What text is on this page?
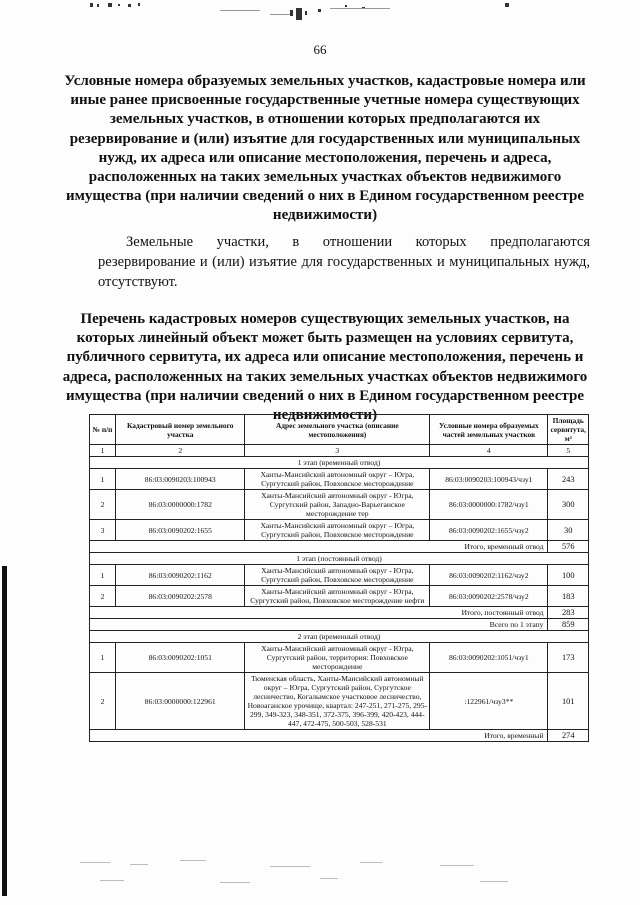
66

Условные номера образуемых земельных участков, кадастровые номера или иные ранее присвоенные государственные учетные номера существующих земельных участков, в отношении которых предполагаются их резервирование и (или) изъятие для государственных или муниципальных нужд, их адреса или описание местоположения, перечень и адреса, расположенных на таких земельных участках объектов недвижимого имущества (при наличии сведений о них в Едином государственном реестре недвижимости)

Земельные участки, в отношении которых предполагаются резервирование и (или) изъятие для государственных и муниципальных нужд, отсутствуют.

Перечень кадастровых номеров существующих земельных участков, на которых линейный объект может быть размещен на условиях сервитута, публичного сервитута, их адреса или описание местоположения, перечень и адреса, расположенных на таких земельных участках объектов недвижимого имущества (при наличии сведений о них в Едином государственном реестре недвижимости)

№ п/п	Кадастровый номер земельного участка	Адрес земельного участка (описание местоположения)	Условные номера образуемых частей земельных участков	Площадь сервитута, м²
1	2	3	4	5
1 этап (временный отвод)				
1	86:03:0090203:100943	Ханты-Мансийский автономный округ – Югра, Сургутский район, Повховское месторождение	86:03:0090203:100943/чзу1	243
2	86:03:0000000:1782	Ханты-Мансийский автономный округ - Югра, Сургутский район, Западно-Варьеганское месторождение тер	86:03:0000000:1782/чзу1	300
3	86:03:0090202:1655	Ханты-Мансийский автономный округ – Югра, Сургутский район, Повховское месторождение	86:03:0090202:1655/чзу2	30
Итого, временный отвод				576
1 этап (постоянный отвод)				
1	86:03:0090202:1162	Ханты-Мансийский автономный округ - Югра, Сургутский район, Повховское месторождение	86:03:0090202:1162/чзу2	100
2	86:03:0090202:2578	Ханты-Мансийский автономный округ - Югра, Сургутский район, Повховское месторождение нефти	86:03:0090202:2578/чзу2	183
Итого, постоянный отвод				283
Всего по 1 этапу				859
2 этап (временный отвод)				
1	86:03:0090202:1051	Ханты-Мансийский автономный округ - Югра, Сургутский район, территория: Повховское месторождение	86:03:0090202:1051/чзу1	173
2	86:03:0000000:122961	Тюменская область, Ханты-Мансийский автономный округ – Югра, Сургутский район, Сургутское лесничество, Когалымское участковое лесничество, Новоаганское урочище, квартал: 247-251, 271-275, 295-299, 349-323, 348-351, 372-375, 396-399, 420-423, 444-447, 472-475, 500-503, 528-531	:122961/чзу3**	101
Итого, временный				274
